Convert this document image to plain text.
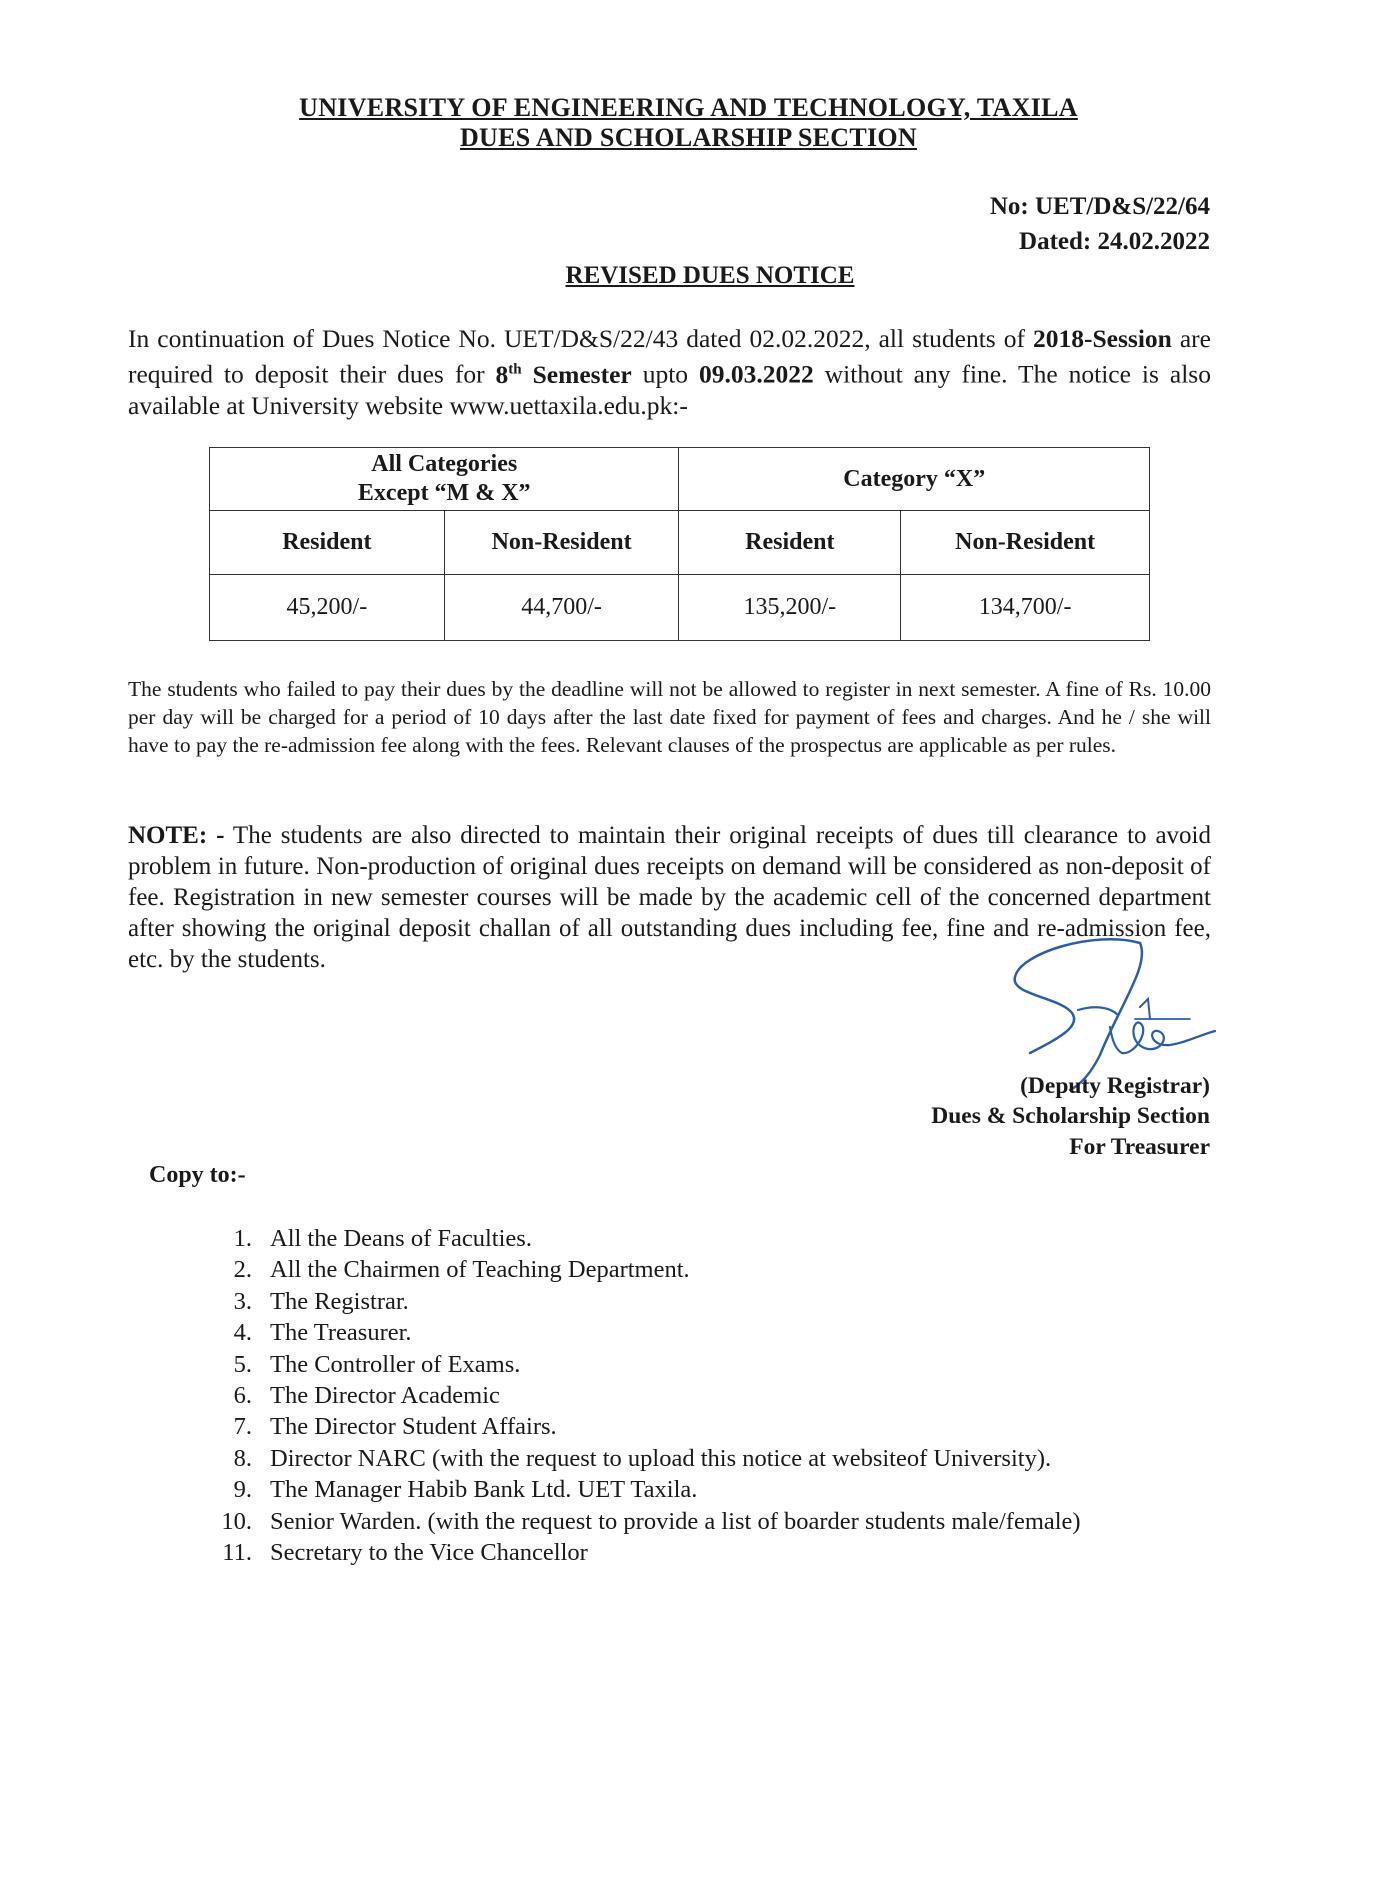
UNIVERSITY OF ENGINEERING AND TECHNOLOGY, TAXILA
DUES AND SCHOLARSHIP SECTION
No: UET/D&S/22/64
Dated: 24.02.2022
REVISED DUES NOTICE
In continuation of Dues Notice No. UET/D&S/22/43 dated 02.02.2022, all students of 2018-Session are required to deposit their dues for 8th Semester upto 09.03.2022 without any fine. The notice is also available at University website www.uettaxila.edu.pk:-
All Categories
Except “M & X”		Category “X”	
Resident	Non-Resident	Resident	Non-Resident
45,200/-	44,700/-	135,200/-	134,700/-
The students who failed to pay their dues by the deadline will not be allowed to register in next semester. A fine of Rs. 10.00 per day will be charged for a period of 10 days after the last date fixed for payment of fees and charges. And he / she will have to pay the re-admission fee along with the fees. Relevant clauses of the prospectus are applicable as per rules.
NOTE: - The students are also directed to maintain their original receipts of dues till clearance to avoid problem in future. Non-production of original dues receipts on demand will be considered as non-deposit of fee. Registration in new semester courses will be made by the academic cell of the concerned department after showing the original deposit challan of all outstanding dues including fee, fine and re-admission fee, etc. by the students.
(Deputy Registrar)
Dues & Scholarship Section
For Treasurer
Copy to:-
1. All the Deans of Faculties.
2. All the Chairmen of Teaching Department.
3. The Registrar.
4. The Treasurer.
5. The Controller of Exams.
6. The Director Academic
7. The Director Student Affairs.
8. Director NARC (with the request to upload this notice at websiteof University).
9. The Manager Habib Bank Ltd. UET Taxila.
10. Senior Warden. (with the request to provide a list of boarder students male/female)
11. Secretary to the Vice Chancellor
